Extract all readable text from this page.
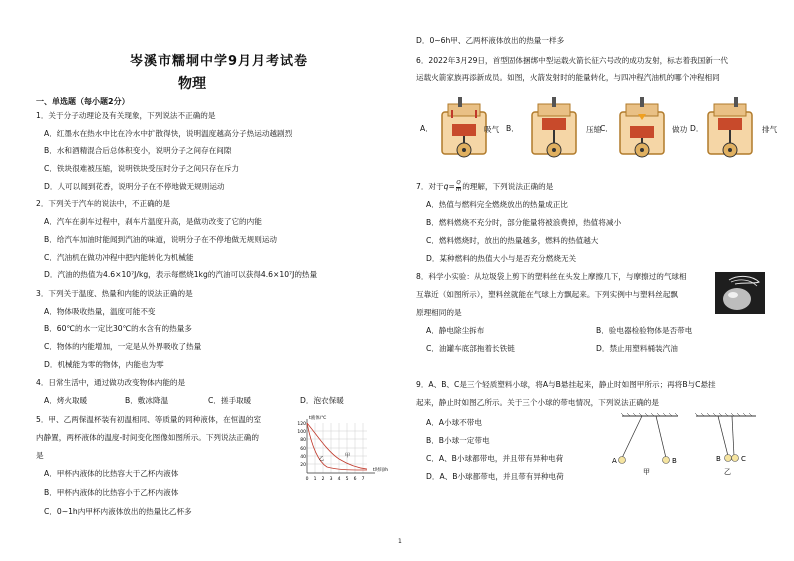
岑溪市糯垌中学9月月考试卷
物理
一、单选题（每小题2分）
1．关于分子动理论及有关现象，下列说法不正确的是
A．红墨水在热水中比在冷水中扩散得快，说明温度越高分子热运动越剧烈
B．水和酒精混合后总体积变小，说明分子之间存在间隙
C．铁块很难被压缩，说明铁块受压时分子之间只存在斥力
D．人可以闻到花香，说明分子在不停地做无规则运动
2．下列关于汽车的说法中，不正确的是
A．汽车在刹车过程中，刹车片温度升高，是做功改变了它的内能
B．给汽车加油时能闻到汽油的味道，说明分子在不停地做无规则运动
C．汽油机在做功冲程中把内能转化为机械能
D．汽油的热值为4.6×10⁷J/kg，表示每燃烧1kg的汽油可以获得4.6×10⁷J的热量
3．下列关于温度、热量和内能的说法正确的是
A．物体吸收热量，温度可能不变
B．60℃的水一定比30℃的水含有的热量多
C．物体的内能增加，一定是从外界吸收了热量
D．机械能为零的物体，内能也为零
4．日常生活中，通过做功改变物体内能的是
A．烤火取暖	B．敷冰降温	C．搓手取暖	D．泡衣保暖
5．甲、乙两保温杯装有初温相同、等质量的同种液体，在恒温的室
内静置，两杯液体的温度-时间变化图像如图所示。下列说法正确的
是
A．甲杯内液体的比热容大于乙杯内液体
B．甲杯内液体的比热容小于乙杯内液体
C．0~1h内甲杯内液体放出的热量比乙杯多
t液体/℃
t时间/h
120
100
80
60
40
20
0 1 2 3 4 5 6 7
甲
乙
D．0~6h甲、乙两杯液体放出的热量一样多
6．2022年3月29日，首型固体捆绑中型运载火箭长征六号改的成功发射，标志着我国新一代
运载火箭家族再添新成员。如图，火箭发射时的能量转化，与四冲程汽油机的哪个冲程相同
A．	吸气 B．	压缩
C．	做功 D．	排气
7．对于$q= \frac{Q}{m}$ 的理解，下列说法正确的是
A．热值与燃料完全燃烧放出的热量成正比
B．燃料燃烧不充分时，部分能量将被浪费掉，热值将减小
C．燃料燃烧时，放出的热量越多，燃料的热值越大
D．某种燃料的热值大小与是否充分燃烧无关
8．科学小实验：从垃圾袋上剪下的塑料丝在头发上摩擦几下，与摩擦过的气球相
互靠近（如图所示），塑料丝就能在气球上方飘起来。下列实例中与塑料丝起飘
原理相同的是
A．静电除尘拆布	B．验电器检验物体是否带电
C．油罐车底部拖着长铁链	D．禁止用塑料桶装汽油
9．A、B、C是三个轻质塑料小球，将A与B悬挂起来，静止时如图甲所示；再将B与C悬挂
起来，静止时如图乙所示。关于三个小球的带电情况，下列说法正确的是
A．A小球不带电
B．B小球一定带电
C．A、B小球都带电，并且带有异种电荷
D．A、B小球都带电，并且带有异种电荷
A	B
甲
B	C
乙
1
